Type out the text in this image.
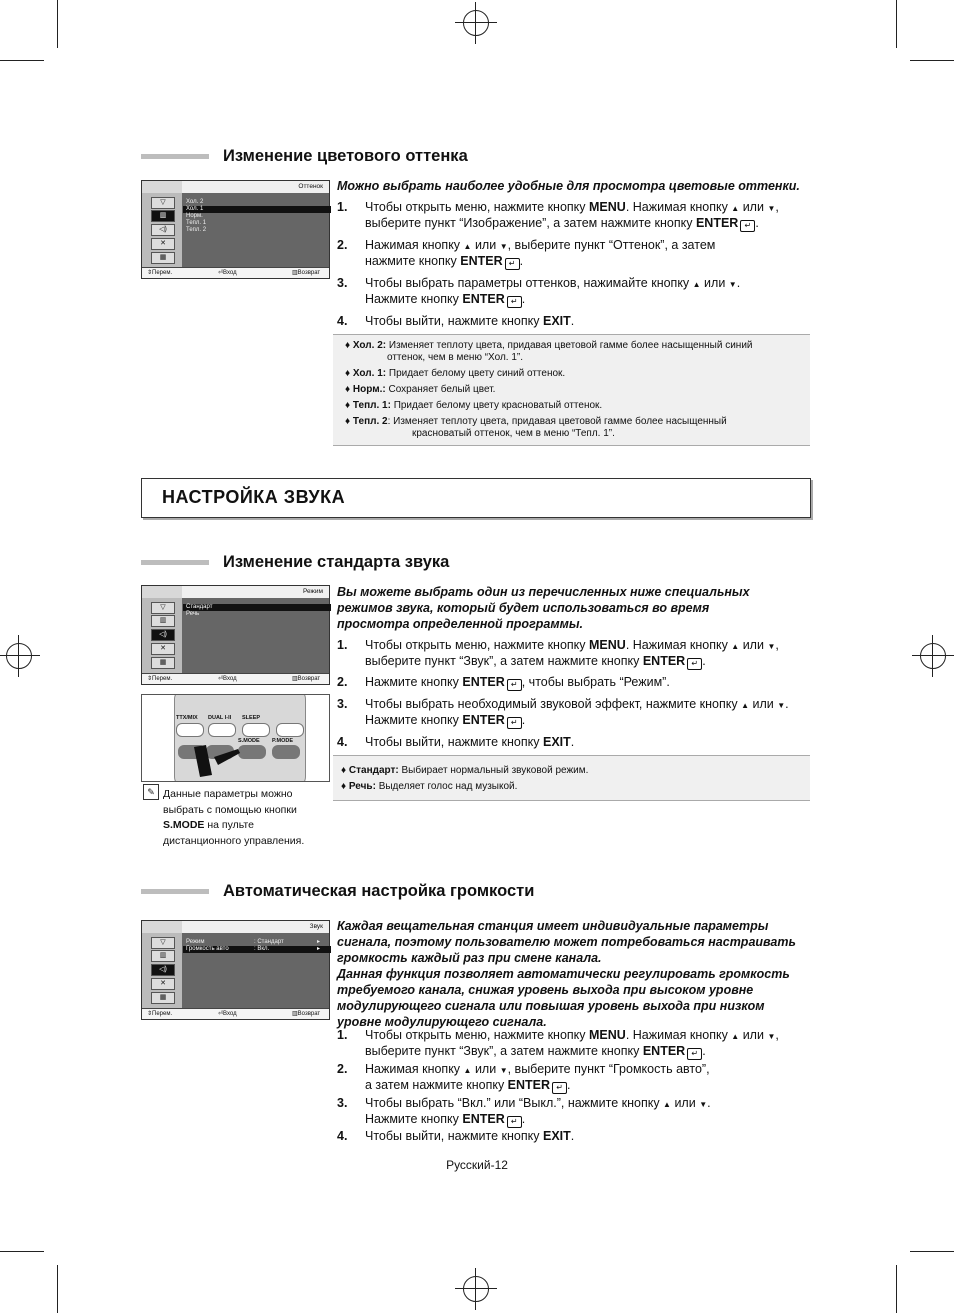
Изменение цветового оттенка
Оттенок
▽
▥
◁)
✕
▦
Хол. 2
Хол. 1
Норм.
Тепл. 1
Тепл. 2
⇕Перем.	⏎Вход	▥Возврат
Можно выбрать наиболее удобные для просмотра цветовые оттенки.
1. Чтобы открыть меню, нажмите кнопку MENU. Нажимая кнопку ▲ или ▼,
выберите пункт “Изображение”, а затем нажмите кнопку ENTER ↵ .
2. Нажимая кнопку ▲ или ▼, выберите пункт “Оттенок”, а затем
нажмите кнопку ENTER ↵ .
3. Чтобы выбрать параметры оттенков, нажимайте кнопку ▲ или ▼.
Нажмите кнопку ENTER ↵ .
4. Чтобы выйти, нажмите кнопку EXIT.
♦ Хол. 2: Изменяет теплоту цвета, придавая цветовой гамме более насыщенный синий
оттенок, чем в меню “Хол. 1”.
♦ Хол. 1: Придает белому цвету синий оттенок.
♦ Норм.: Сохраняет белый цвет.
♦ Тепл. 1: Придает белому цвету красноватый оттенок.
♦ Тепл. 2: Изменяет теплоту цвета, придавая цветовой гамме более насыщенный
красноватый оттенок, чем в меню “Тепл. 1”.
НАСТРОЙКА ЗВУКА
Изменение стандарта звука
Режим
▽
▥
◁)
✕
▦
Стандарт
Речь
⇕Перем.	⏎Вход	▥Возврат
TTX/MIX DUAL I-II SLEEP
S.MODE P.MODE
✎ Данные параметры можно
выбрать с помощью кнопки
S.MODE на пульте
дистанционного управления.
Вы можете выбрать один из перечисленных ниже специальных
режимов звука, который будет использоваться во время
просмотра определенной программы.
1. Чтобы открыть меню, нажмите кнопку MENU. Нажимая кнопку ▲ или ▼,
выберите пункт “Звук”, а затем нажмите кнопку ENTER ↵ .
2. Нажмите кнопку ENTER ↵ , чтобы выбрать “Режим”.
3. Чтобы выбрать необходимый звуковой эффект, нажмите кнопку ▲ или ▼.
Нажмите кнопку ENTER ↵ .
4. Чтобы выйти, нажмите кнопку EXIT.
♦ Стандарт: Выбирает нормальный звуковой режим.
♦ Речь: Выделяет голос над музыкой.
Автоматическая настройка громкости
Звук
▽
▥
◁)
✕
▦
Режим	: Стандарт	▸
Громкость авто	: Вкл.	▸
⇕Перем.	⏎Вход	▥Возврат
Каждая вещательная станция имеет индивидуальные параметры
сигнала, поэтому пользователю может потребоваться настраивать
громкость каждый раз при смене канала.
Данная функция позволяет автоматически регулировать громкость
требуемого канала, снижая уровень выхода при высоком уровне
модулирующего сигнала или повышая уровень выхода при низком
уровне модулирующего сигнала.
1. Чтобы открыть меню, нажмите кнопку MENU. Нажимая кнопку ▲ или ▼,
выберите пункт “Звук”, а затем нажмите кнопку ENTER ↵ .
2. Нажимая кнопку ▲ или ▼, выберите пункт “Громкость авто”,
а затем нажмите кнопку ENTER ↵ .
3. Чтобы выбрать “Вкл.” или “Выкл.”, нажмите кнопку ▲ или ▼.
Нажмите кнопку ENTER ↵ .
4. Чтобы выйти, нажмите кнопку EXIT.
Русский-12
